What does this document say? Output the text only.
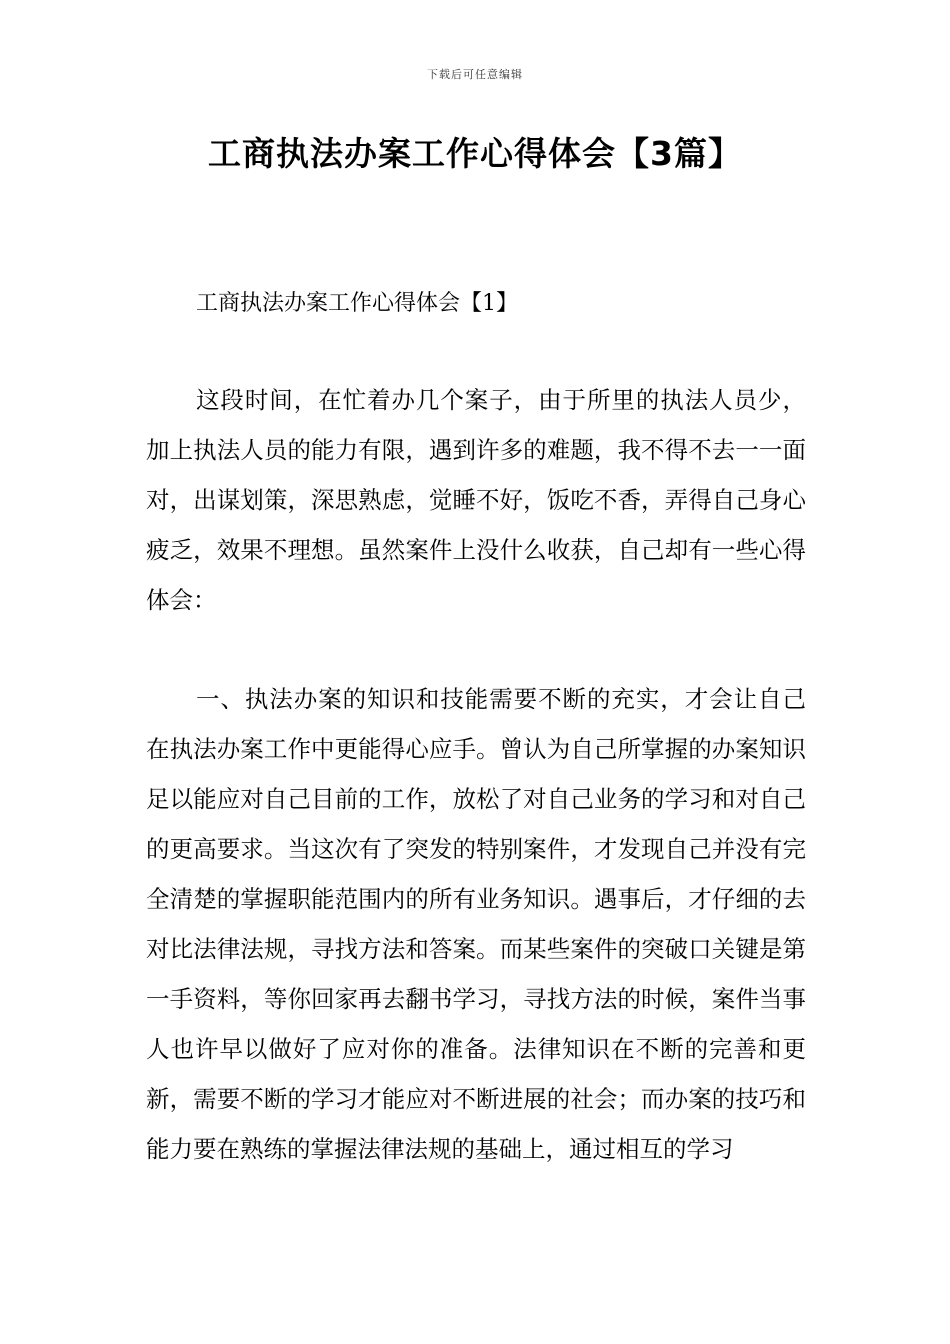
下载后可任意编辑
工商执法办案工作心得体会【3篇】
工商执法办案工作心得体会【1】

这段时间，在忙着办几个案子，由于所里的执法人员少，加上执法人员的能力有限，遇到许多的难题，我不得不去一一面对，出谋划策，深思熟虑，觉睡不好，饭吃不香，弄得自己身心疲乏，效果不理想。虽然案件上没什么收获，自己却有一些心得体会：

一、执法办案的知识和技能需要不断的充实，才会让自己在执法办案工作中更能得心应手。曾认为自己所掌握的办案知识足以能应对自己目前的工作，放松了对自己业务的学习和对自己的更高要求。当这次有了突发的特别案件，才发现自己并没有完全清楚的掌握职能范围内的所有业务知识。遇事后，才仔细的去对比法律法规，寻找方法和答案。而某些案件的突破口关键是第一手资料，等你回家再去翻书学习，寻找方法的时候，案件当事人也许早以做好了应对你的准备。法律知识在不断的完善和更新，需要不断的学习才能应对不断进展的社会；而办案的技巧和能力要在熟练的掌握法律法规的基础上，通过相互的学习
